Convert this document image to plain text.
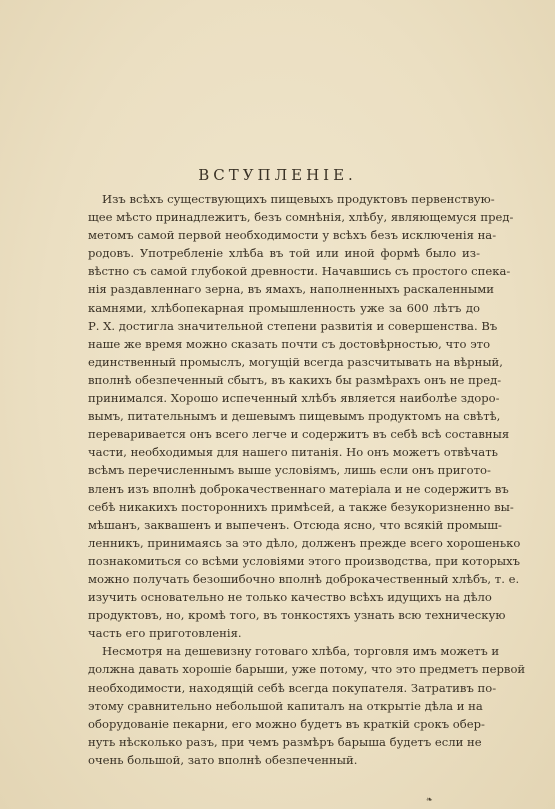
ВСТУПЛЕНІЕ.
Изъ всѣхъ существующихъ пищевыхъ продуктовъ первенствую-
щее мѣсто принадлежитъ, безъ сомнѣнія, хлѣбу, являющемуся пред-
метомъ самой первой необходимости у всѣхъ безъ исключенія на-
родовъ. Употребленіе хлѣба въ той или иной формѣ было из-
вѣстно съ самой глубокой древности. Начавшись съ простого спека-
нія раздавленнаго зерна, въ ямахъ, наполненныхъ раскаленными
камнями, хлѣбопекарная промышленность уже за 600 лѣтъ до
Р. Х. достигла значительной степени развитія и совершенства. Въ
наше же время можно сказать почти съ достовѣрностью, что это
единственный промыслъ, могущій всегда разсчитывать на вѣрный,
вполнѣ обезпеченный сбытъ, въ какихъ бы размѣрахъ онъ не пред-
принимался. Хорошо испеченный хлѣбъ является наиболѣе здоро-
вымъ, питательнымъ и дешевымъ пищевымъ продуктомъ на свѣтѣ,
переваривается онъ всего легче и содержитъ въ себѣ всѣ составныя
части, необходимыя для нашего питанія. Но онъ можетъ отвѣчать
всѣмъ перечисленнымъ выше условіямъ, лишь если онъ пригото-
вленъ изъ вполнѣ доброкачественнаго матеріала и не содержитъ въ
себѣ никакихъ постороннихъ примѣсей, а также безукоризненно вы-
мѣшанъ, заквашенъ и выпеченъ. Отсюда ясно, что всякій промыш-
ленникъ, принимаясь за это дѣло, долженъ прежде всего хорошенько
познакомиться со всѣми условіями этого производства, при которыхъ
можно получать безошибочно вполнѣ доброкачественный хлѣбъ, т. е.
изучить основательно не только качество всѣхъ идущихъ на дѣло
продуктовъ, но, кромѣ того, въ тонкостяхъ узнать всю техническую
часть его приготовленія.
Несмотря на дешевизну готоваго хлѣба, торговля имъ можетъ и
должна давать хорошіе барыши, уже потому, что это предметъ первой
необходимости, находящій себѣ всегда покупателя. Затративъ по-
этому сравнительно небольшой капиталъ на открытіе дѣла и на
оборудованіе пекарни, его можно будетъ въ краткій срокъ обер-
нуть нѣсколько разъ, при чемъ размѣръ барыша будетъ если не
очень большой, зато вполнѣ обезпеченный.
❧
